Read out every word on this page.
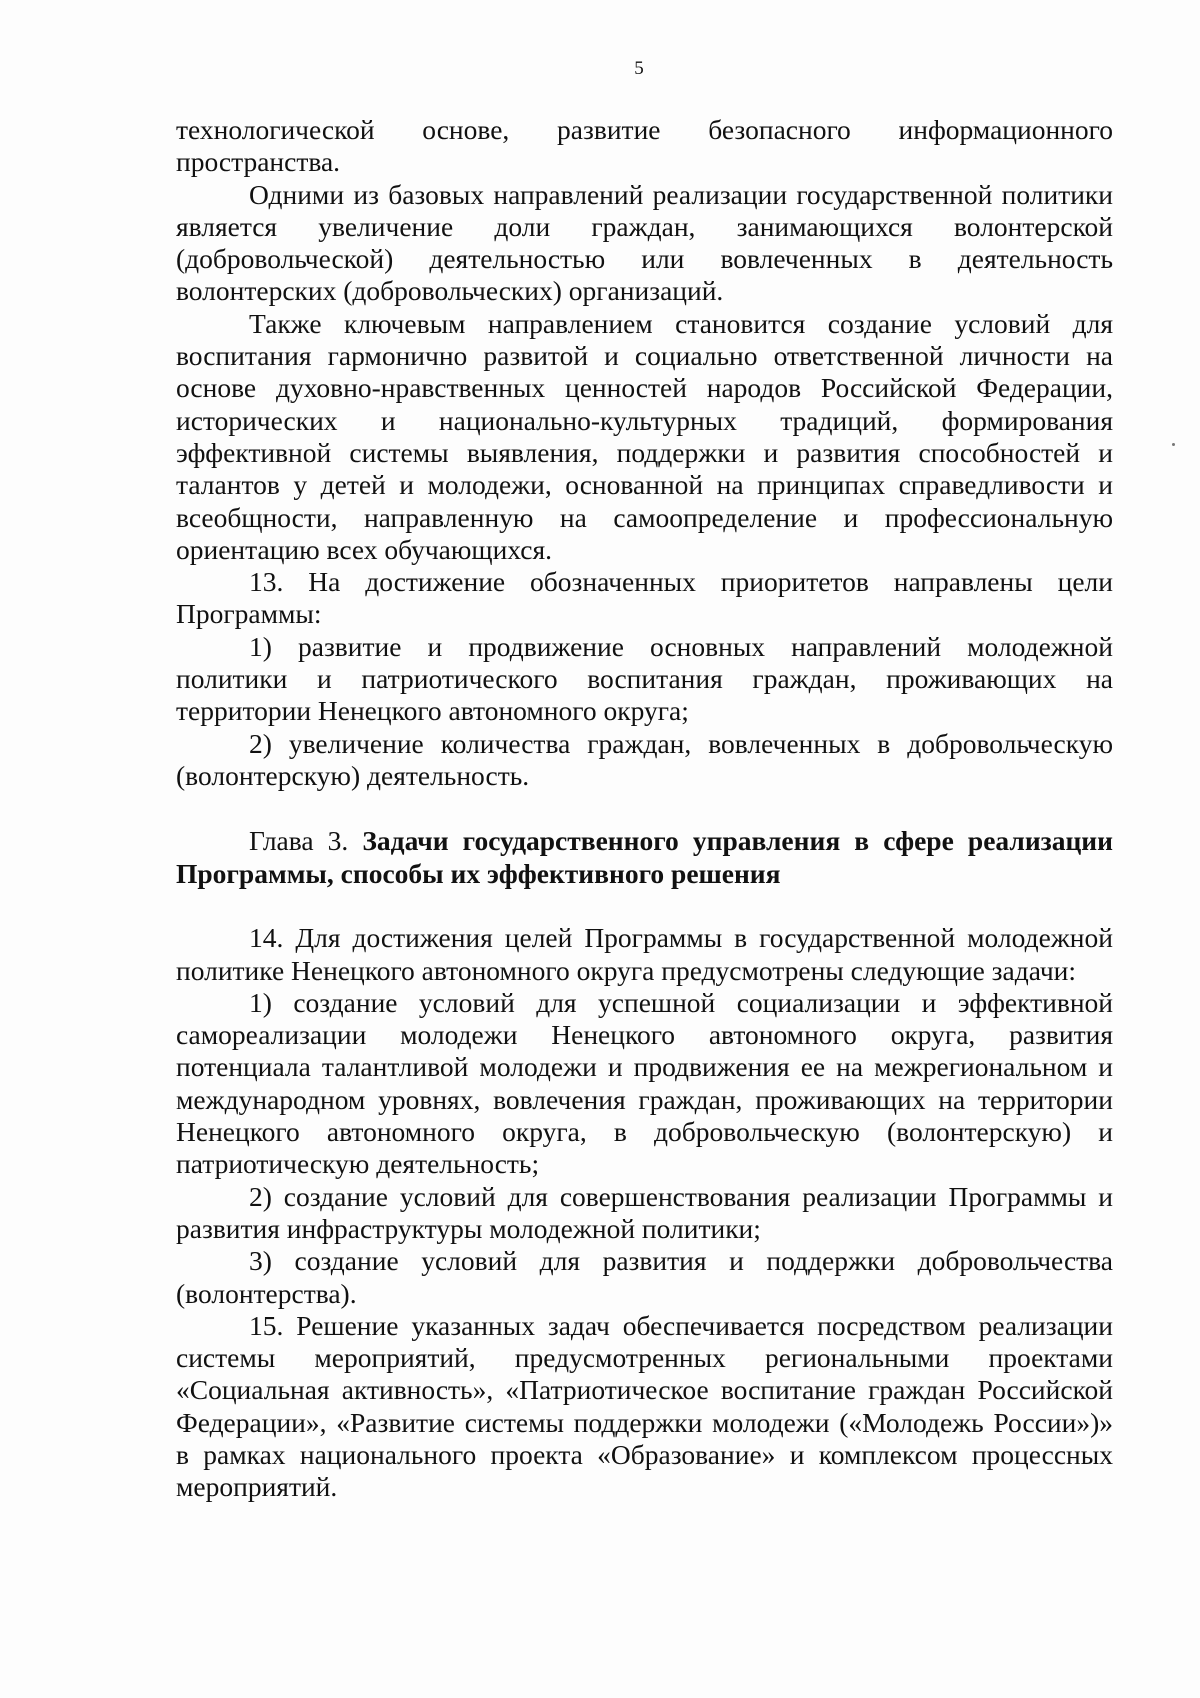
5

технологической основе, развитие безопасного информационного пространства.

Одними из базовых направлений реализации государственной политики является увеличение доли граждан, занимающихся волонтерской (добровольческой) деятельностью или вовлеченных в деятельность волонтерских (добровольческих) организаций.

Также ключевым направлением становится создание условий для воспитания гармонично развитой и социально ответственной личности на основе духовно-нравственных ценностей народов Российской Федерации, исторических и национально-культурных традиций, формирования эффективной системы выявления, поддержки и развития способностей и талантов у детей и молодежи, основанной на принципах справедливости и всеобщности, направленную на самоопределение и профессиональную ориентацию всех обучающихся.

13. На достижение обозначенных приоритетов направлены цели Программы:

1) развитие и продвижение основных направлений молодежной политики и патриотического воспитания граждан, проживающих на территории Ненецкого автономного округа;

2) увеличение количества граждан, вовлеченных в добровольческую (волонтерскую) деятельность.

Глава 3. Задачи государственного управления в сфере реализации Программы, способы их эффективного решения

14. Для достижения целей Программы в государственной молодежной политике Ненецкого автономного округа предусмотрены следующие задачи:

1) создание условий для успешной социализации и эффективной самореализации молодежи Ненецкого автономного округа, развития потенциала талантливой молодежи и продвижения ее на межрегиональном и международном уровнях, вовлечения граждан, проживающих на территории Ненецкого автономного округа, в добровольческую (волонтерскую) и патриотическую деятельность;

2) создание условий для совершенствования реализации Программы и развития инфраструктуры молодежной политики;

3) создание условий для развития и поддержки добровольчества (волонтерства).

15. Решение указанных задач обеспечивается посредством реализации системы мероприятий, предусмотренных региональными проектами «Социальная активность», «Патриотическое воспитание граждан Российской Федерации», «Развитие системы поддержки молодежи («Молодежь России»)» в рамках национального проекта «Образование» и комплексом процессных мероприятий.
